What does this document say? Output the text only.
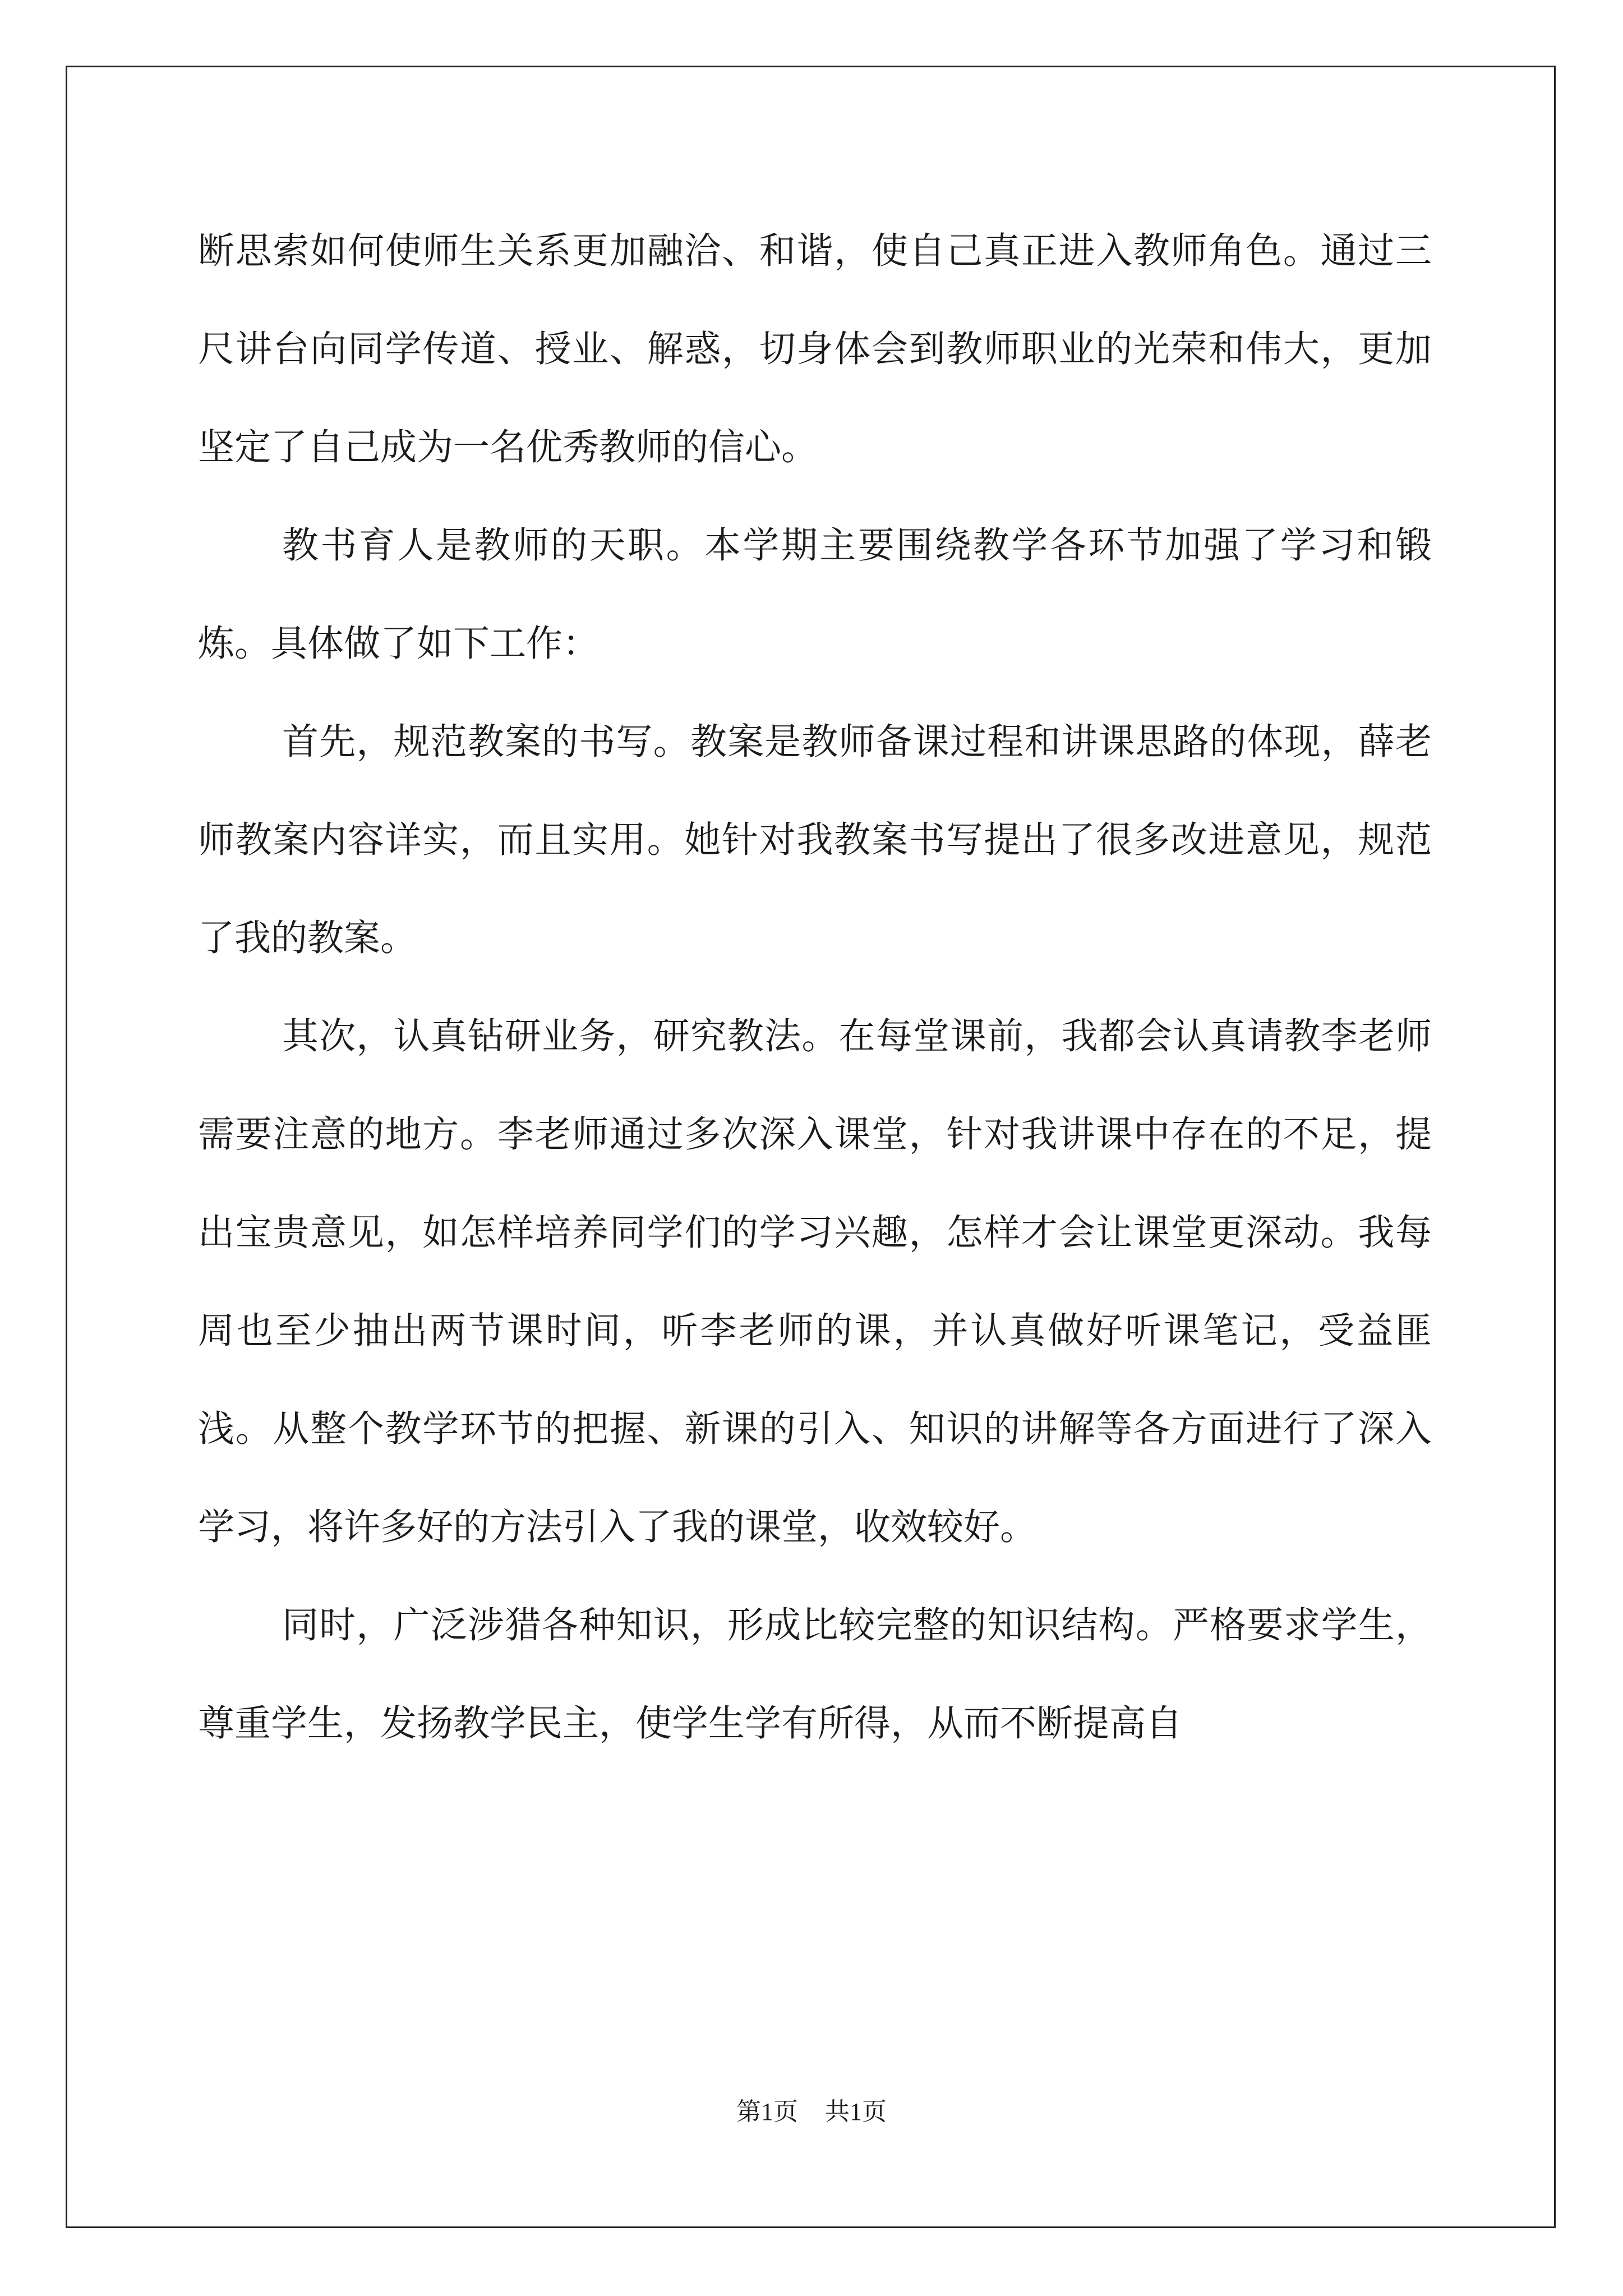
断思索如何使师生关系更加融洽、和谐，使自己真正进入教师角色。通过三尺讲台向同学传道、授业、解惑，切身体会到教师职业的光荣和伟大，更加坚定了自己成为一名优秀教师的信心。

教书育人是教师的天职。本学期主要围绕教学各环节加强了学习和锻炼。具体做了如下工作：

首先，规范教案的书写。教案是教师备课过程和讲课思路的体现，薛老师教案内容详实，而且实用。她针对我教案书写提出了很多改进意见，规范了我的教案。

其次，认真钻研业务，研究教法。在每堂课前，我都会认真请教李老师需要注意的地方。李老师通过多次深入课堂，针对我讲课中存在的不足，提出宝贵意见，如怎样培养同学们的学习兴趣，怎样才会让课堂更深动。我每周也至少抽出两节课时间，听李老师的课，并认真做好听课笔记，受益匪浅。从整个教学环节的把握、新课的引入、知识的讲解等各方面进行了深入学习，将许多好的方法引入了我的课堂，收效较好。

同时，广泛涉猎各种知识，形成比较完整的知识结构。严格要求学生，尊重学生，发扬教学民主，使学生学有所得，从而不断提高自

第1页 共1页
